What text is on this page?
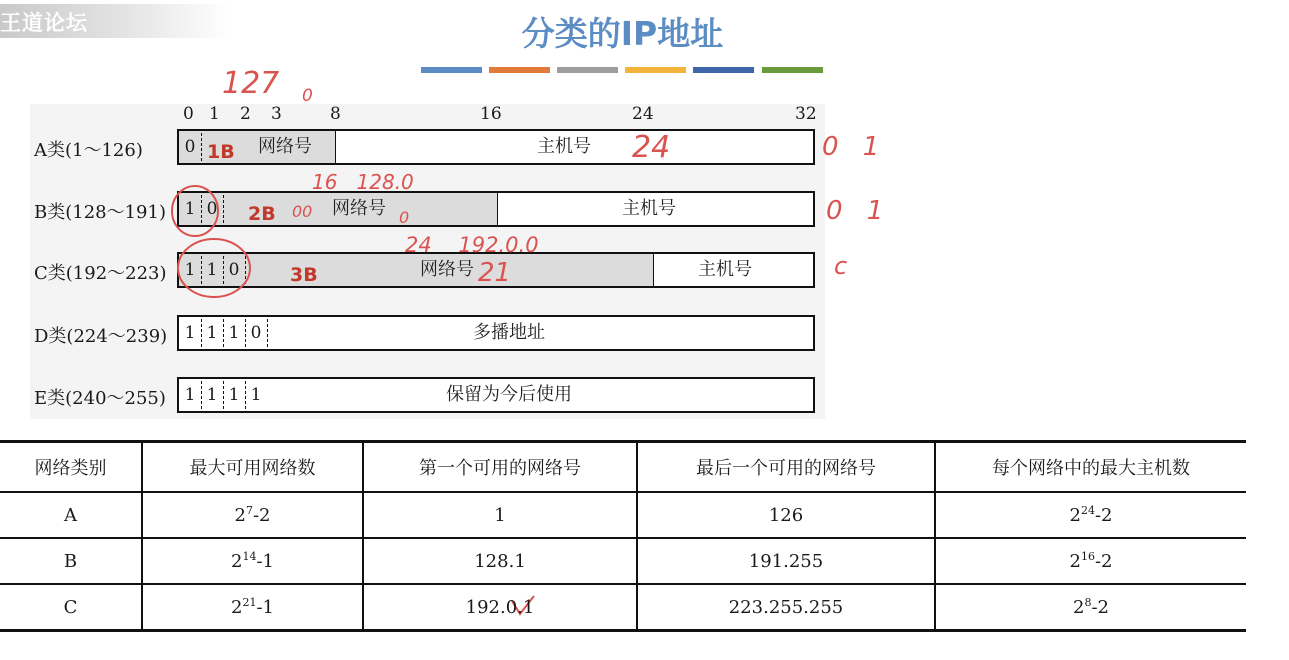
王道论坛	分类的IP地址
0 1 2 3	8	16	24	32
A类(1～126)	0	网络号	主机号
1B
B类(128～191)	1 0	网络号	主机号
2B
C类(192～223)	1 1 0	网络号	主机号
3B
D类(224～239)	1 1 1 0	多播地址
E类(240～255)	1 1 1 1	保留为今后使用
127 0
24	0 1
16   128.0
00	0	0 1
24    192.0.0
21	c
网络类别	最大可用网络数	第一个可用的网络号	最后一个可用的网络号	每个网络中的最大主机数
A	$2^7-2$	1	126	$2^{24}-2$
B	$2^{14}-1$	128.1	191.255	$2^{16}-2$
C	$2^{21}-1$	192.0.1	223.255.255	$2^8-2$
